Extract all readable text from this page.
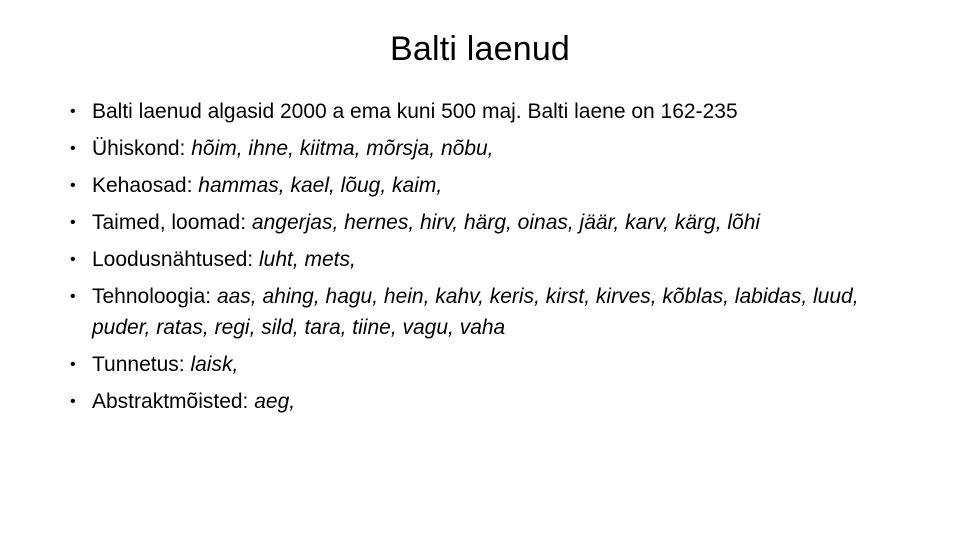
Balti laenud
• Balti laenud algasid 2000 a ema kuni 500 maj. Balti laene on 162-235
• Ühiskond: hõim, ihne, kiitma, mõrsja, nõbu,
• Kehaosad: hammas, kael, lõug, kaim,
• Taimed, loomad: angerjas, hernes, hirv, härg, oinas, jäär, karv, kärg, lõhi
• Loodusnähtused: luht, mets,
• Tehnoloogia: aas, ahing, hagu, hein, kahv, keris, kirst, kirves, kõblas, labidas, luud, puder, ratas, regi, sild, tara, tiine, vagu, vaha
• Tunnetus: laisk,
• Abstraktmõisted: aeg,
